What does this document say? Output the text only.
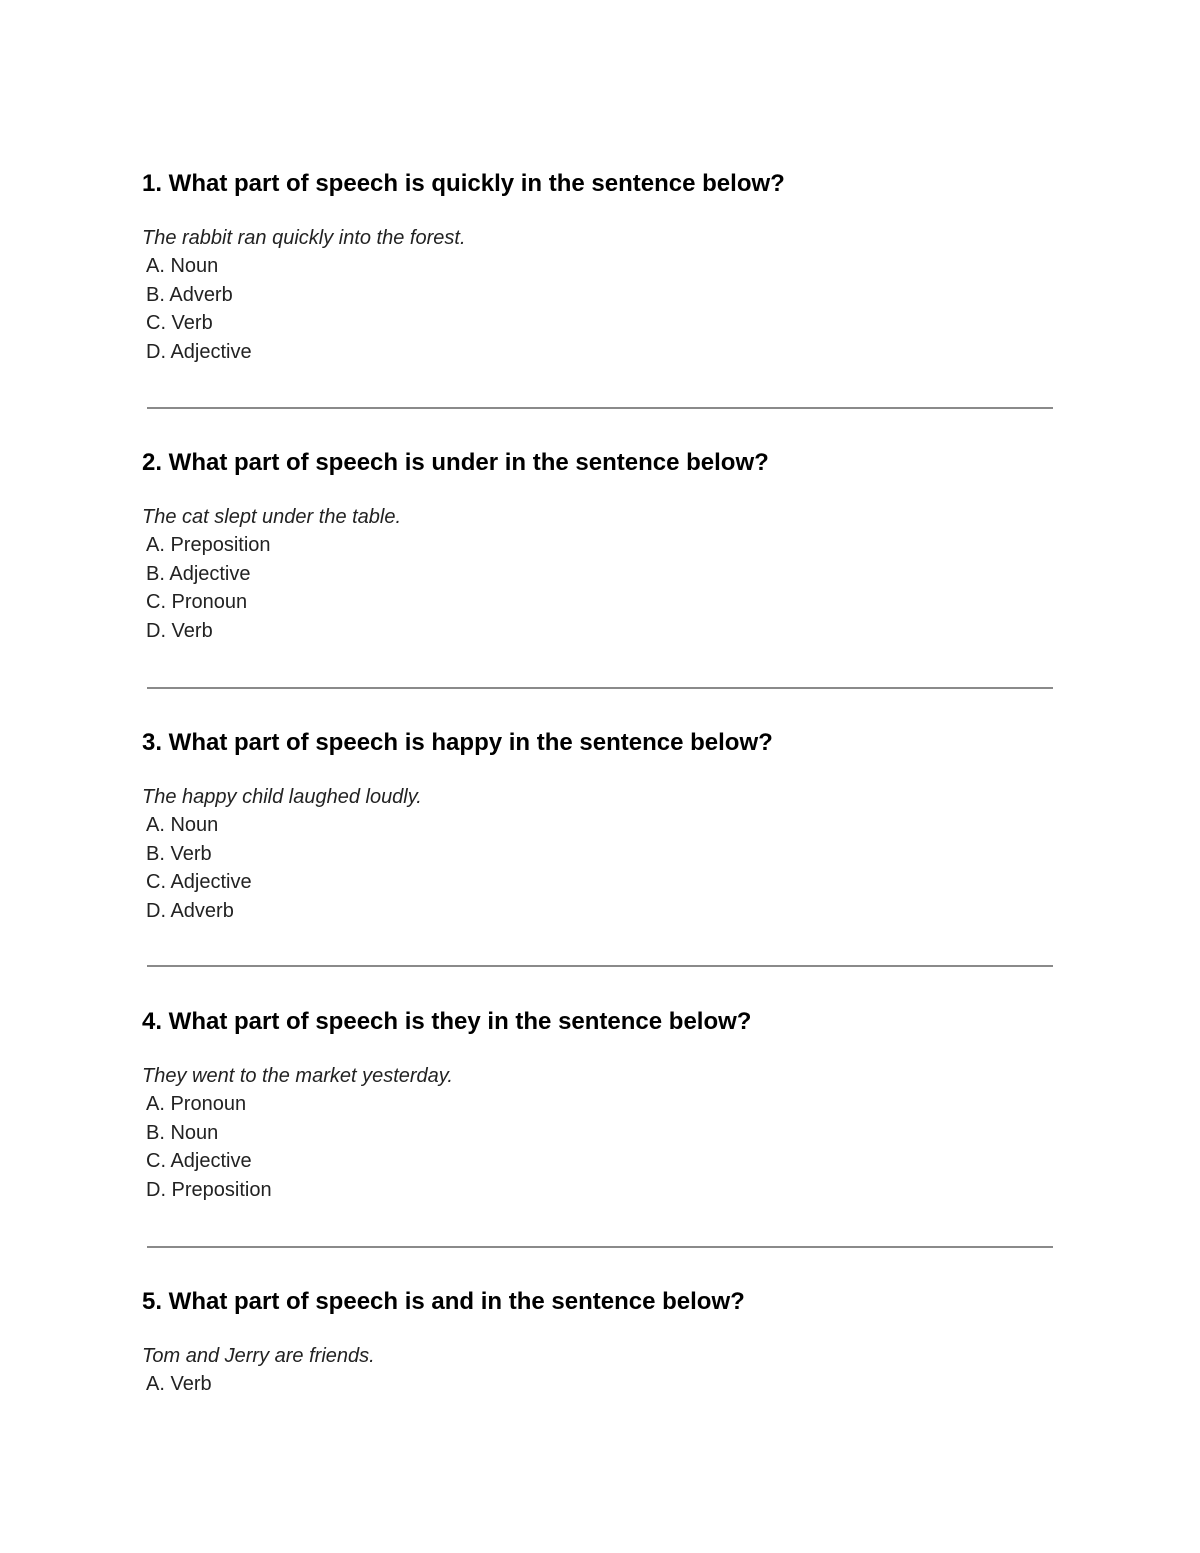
1. What part of speech is quickly in the sentence below?

The rabbit ran quickly into the forest.

A. Noun
B. Adverb
C. Verb
D. Adjective

2. What part of speech is under in the sentence below?

The cat slept under the table.

A. Preposition
B. Adjective
C. Pronoun
D. Verb

3. What part of speech is happy in the sentence below?

The happy child laughed loudly.

A. Noun
B. Verb
C. Adjective
D. Adverb

4. What part of speech is they in the sentence below?

They went to the market yesterday.

A. Pronoun
B. Noun
C. Adjective
D. Preposition

5. What part of speech is and in the sentence below?

Tom and Jerry are friends.

A. Verb
